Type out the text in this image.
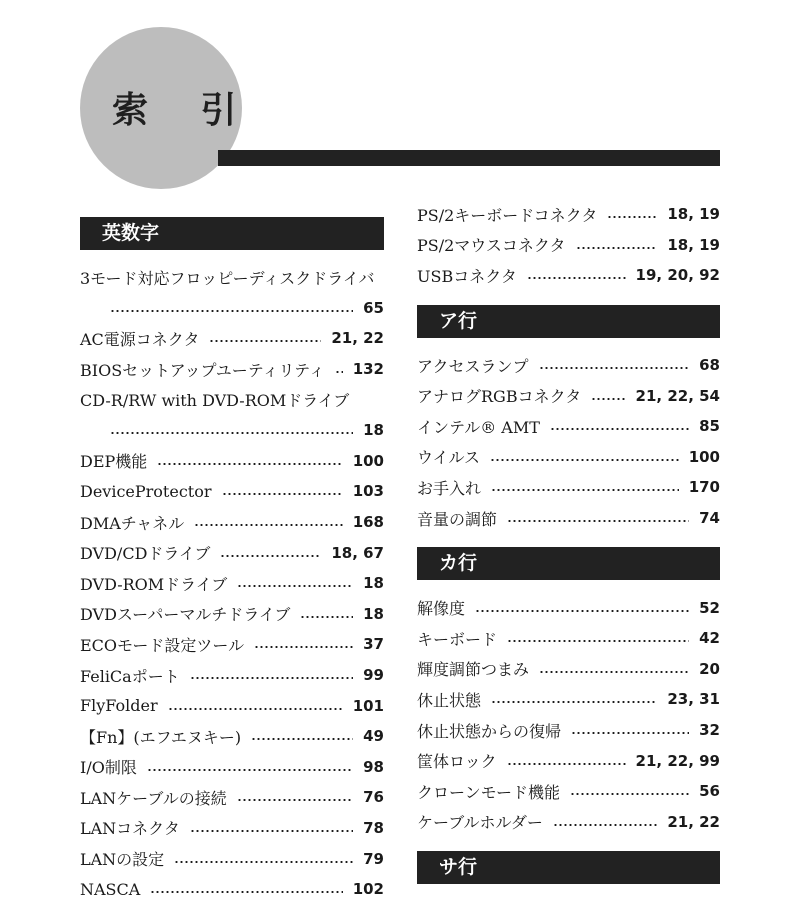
索 引
英数字
3モード対応フロッピーディスクドライバ
65
AC電源コネクタ	21, 22
BIOSセットアップユーティリティ 132
CD-R/RW with DVD-ROMドライブ
18
DEP機能	100
DeviceProtector	103
DMAチャネル	168
DVD/CDドライブ	18, 67
DVD-ROMドライブ	18
DVDスーパーマルチドライブ	18
ECOモード設定ツール	37
FeliCaポート	99
FlyFolder	101
【Fn】(エフエヌキー)	49
I/O制限	98
LANケーブルの接続	76
LANコネクタ	78
LANの設定	79
NASCA	102
PS/2キーボードコネクタ	18, 19
PS/2マウスコネクタ	18, 19
USBコネクタ	19, 20, 92
ア行
アクセスランプ	68
アナログRGBコネクタ	21, 22, 54
インテル® AMT	85
ウイルス	100
お手入れ	170
音量の調節	74
カ行
解像度	52
キーボード	42
輝度調節つまみ	20
休止状態	23, 31
休止状態からの復帰	32
筐体ロック	21, 22, 99
クローンモード機能	56
ケーブルホルダー	21, 22
サ行
